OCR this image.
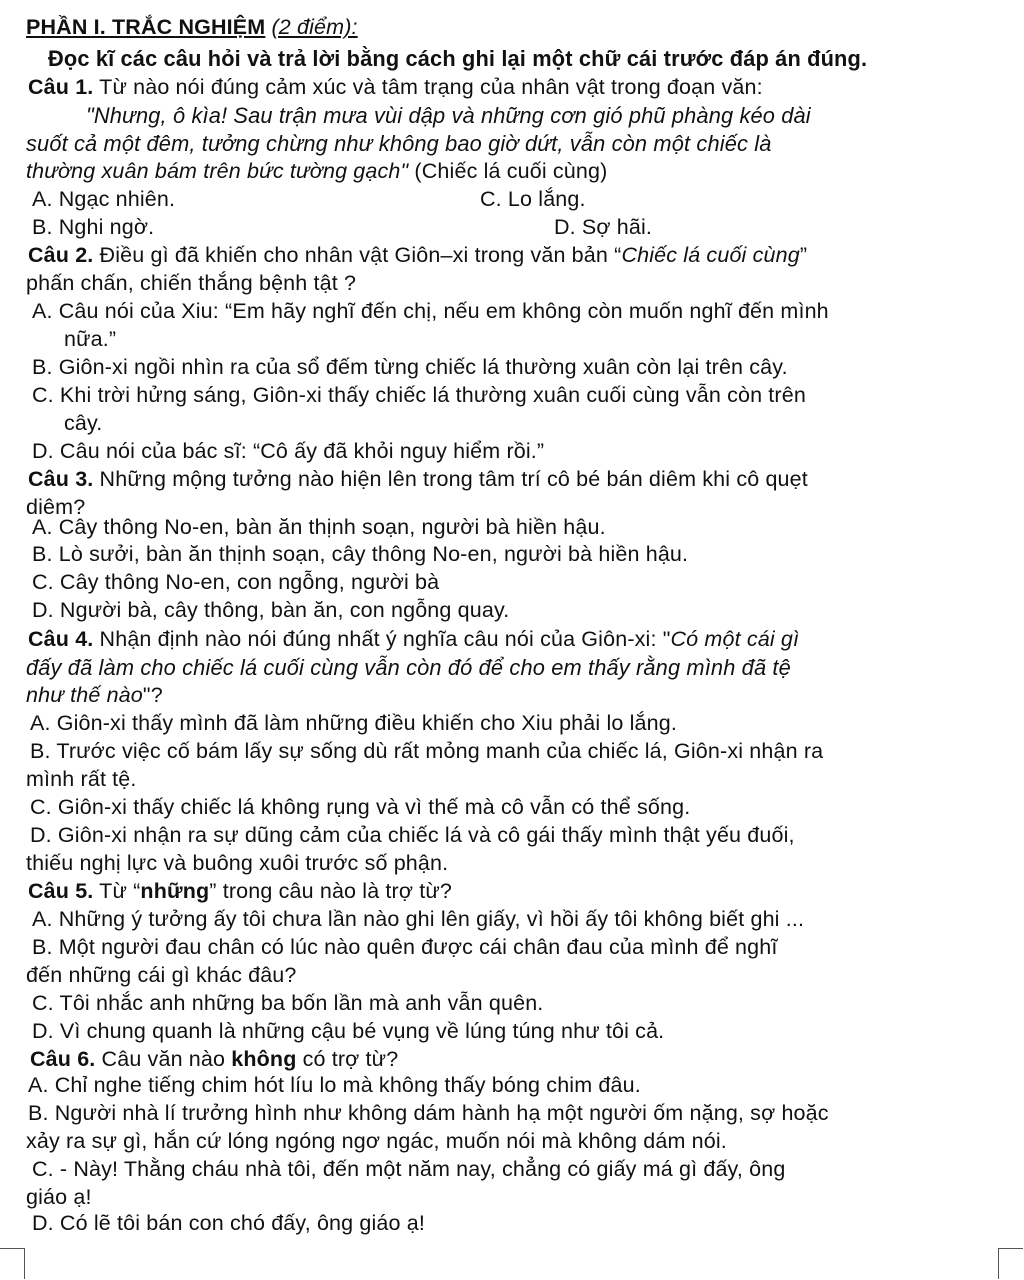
PHẦN I. TRẮC NGHIỆM (2 điểm):
Đọc kĩ các câu hỏi và trả lời bằng cách ghi lại một chữ cái trước đáp án đúng.
Câu 1. Từ nào nói đúng cảm xúc và tâm trạng của nhân vật trong đoạn văn:
"Nhưng, ô kìa! Sau trận mưa vùi dập và những cơn gió phũ phàng kéo dài
suốt cả một đêm, tưởng chừng như không bao giờ dứt, vẫn còn một chiếc là
thường xuân bám trên bức tường gạch" (Chiếc lá cuối cùng)
A. Ngạc nhiên.	C. Lo lắng.
B. Nghi ngờ.	D. Sợ hãi.
Câu 2. Điều gì đã khiến cho nhân vật Giôn–xi trong văn bản “Chiếc lá cuối cùng”
phấn chấn, chiến thắng bệnh tật ?
A. Câu nói của Xiu: “Em hãy nghĩ đến chị, nếu em không còn muốn nghĩ đến mình
nữa.”
B. Giôn-xi ngồi nhìn ra của sổ đếm từng chiếc lá thường xuân còn lại trên cây.
C. Khi trời hửng sáng, Giôn-xi thấy chiếc lá thường xuân cuối cùng vẫn còn trên
cây.
D. Câu nói của bác sĩ: “Cô ấy đã khỏi nguy hiểm rồi.”
Câu 3. Những mộng tưởng nào hiện lên trong tâm trí cô bé bán diêm khi cô quẹt
diêm?
A. Cây thông No-en, bàn ăn thịnh soạn, người bà hiền hậu.
B. Lò sưởi, bàn ăn thịnh soạn, cây thông No-en, người bà hiền hậu.
C. Cây thông No-en, con ngỗng, người bà
D. Người bà, cây thông, bàn ăn, con ngỗng quay.
Câu 4. Nhận định nào nói đúng nhất ý nghĩa câu nói của Giôn-xi: "Có một cái gì
đấy đã làm cho chiếc lá cuối cùng vẫn còn đó để cho em thấy rằng mình đã tệ
như thế nào"?
A. Giôn-xi thấy mình đã làm những điều khiến cho Xiu phải lo lắng.
B. Trước việc cố bám lấy sự sống dù rất mỏng manh của chiếc lá, Giôn-xi nhận ra
mình rất tệ.
C. Giôn-xi thấy chiếc lá không rụng và vì thế mà cô vẫn có thể sống.
D. Giôn-xi nhận ra sự dũng cảm của chiếc lá và cô gái thấy mình thật yếu đuối,
thiếu nghị lực và buông xuôi trước số phận.
Câu 5. Từ “những” trong câu nào là trợ từ?
A. Những ý tưởng ấy tôi chưa lần nào ghi lên giấy, vì hồi ấy tôi không biết ghi ...
B. Một người đau chân có lúc nào quên được cái chân đau của mình để nghĩ
đến những cái gì khác đâu?
C. Tôi nhắc anh những ba bốn lần mà anh vẫn quên.
D. Vì chung quanh là những cậu bé vụng về lúng túng như tôi cả.
Câu 6. Câu văn nào không có trợ từ?
A. Chỉ nghe tiếng chim hót líu lo mà không thấy bóng chim đâu.
B. Người nhà lí trưởng hình như không dám hành hạ một người ốm nặng, sợ hoặc
xảy ra sự gì, hắn cứ lóng ngóng ngơ ngác, muốn nói mà không dám nói.
C. - Này! Thằng cháu nhà tôi, đến một năm nay, chẳng có giấy má gì đấy, ông
giáo ạ!
D. Có lẽ tôi bán con chó đấy, ông giáo ạ!
